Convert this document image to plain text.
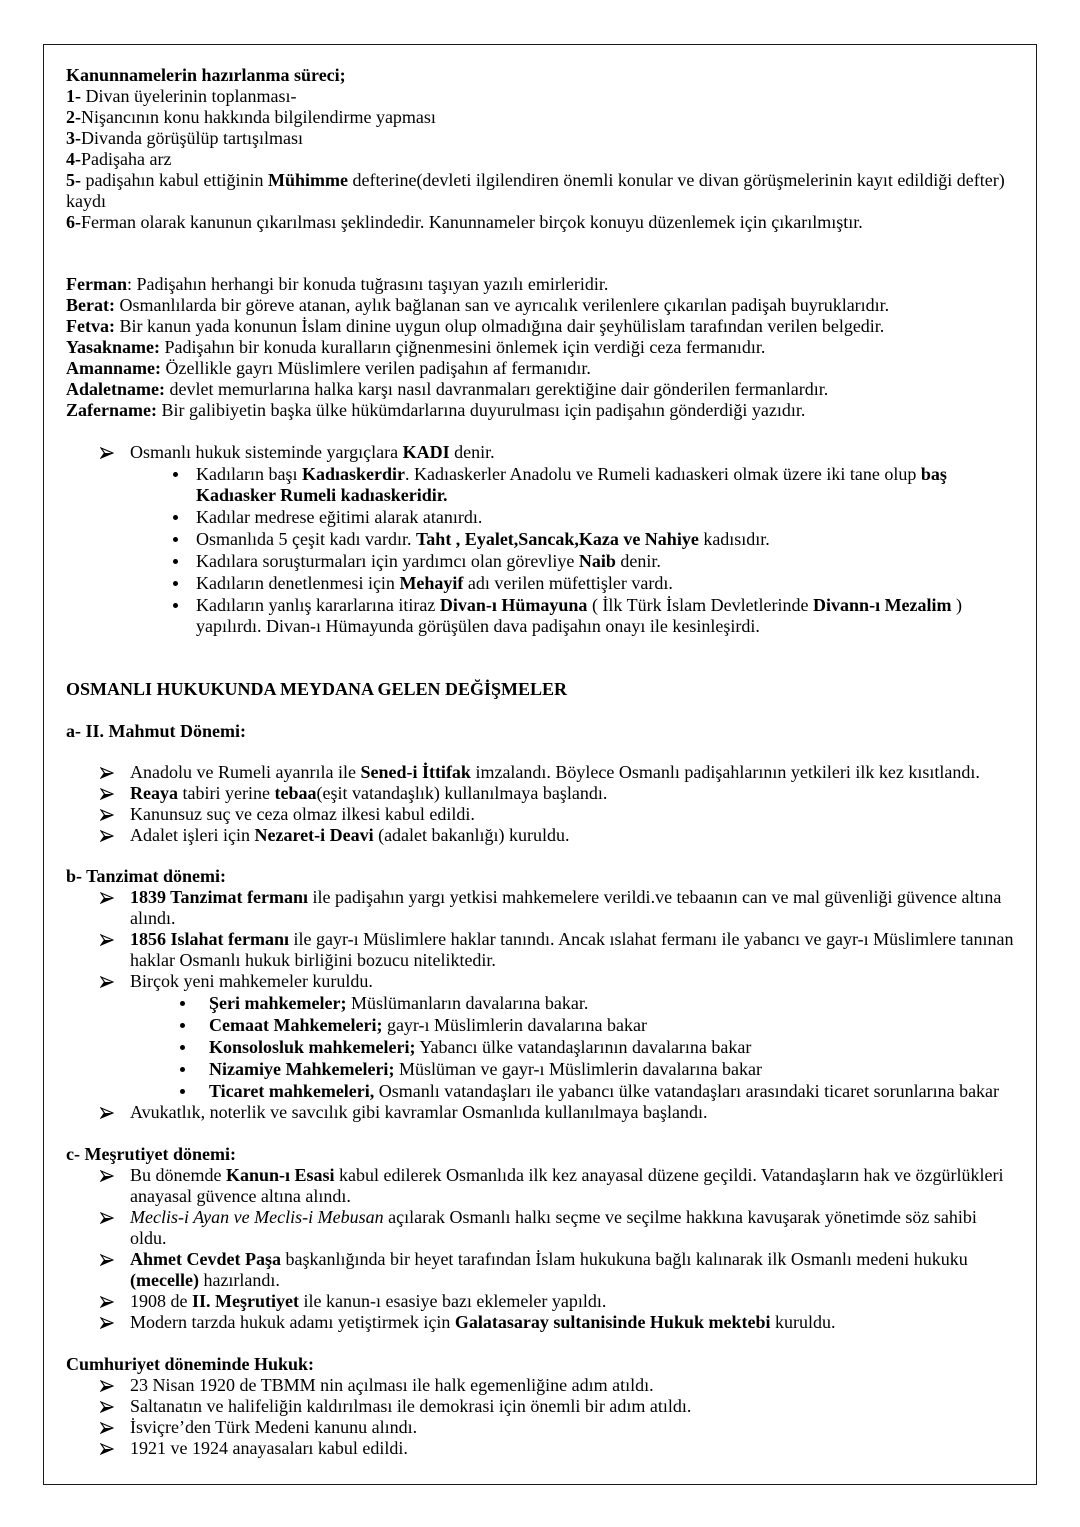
Kanunnamelerin hazırlanma süreci;
1- Divan üyelerinin toplanması-
2-Nişancının konu hakkında bilgilendirme yapması
3-Divanda görüşülüp tartışılması
4-Padişaha arz
5- padişahın kabul ettiğinin Mühimme defterine(devleti ilgilendiren önemli konular ve divan görüşmelerinin kayıt edildiği defter) kaydı
6-Ferman olarak kanunun çıkarılması şeklindedir. Kanunnameler birçok konuyu düzenlemek için çıkarılmıştır.
Ferman: Padişahın herhangi bir konuda tuğrasını taşıyan yazılı emirleridir.
Berat: Osmanlılarda bir göreve atanan, aylık bağlanan san ve ayrıcalık verilenlere çıkarılan padişah buyruklarıdır.
Fetva: Bir kanun yada konunun İslam dinine uygun olup olmadığına dair şeyhülislam tarafından verilen belgedir.
Yasakname: Padişahın bir konuda kuralların çiğnenmesini önlemek için verdiği ceza fermanıdır.
Amanname: Özellikle gayrı Müslimlere verilen padişahın af fermanıdır.
Adaletname: devlet memurlarına halka karşı nasıl davranmaları gerektiğine dair gönderilen fermanlardır.
Zafername: Bir galibiyetin başka ülke hükümdarlarına duyurulması için padişahın gönderdiği yazıdır.
Osmanlı hukuk sisteminde yargıçlara KADI denir.
Kadıların başı Kadıaskerdir. Kadıaskerler Anadolu ve Rumeli kadıaskeri olmak üzere iki tane olup baş Kadıasker Rumeli kadıaskeridir.
Kadılar medrese eğitimi alarak atanırdı.
Osmanlıda 5 çeşit kadı vardır. Taht , Eyalet,Sancak,Kaza ve Nahiye kadısıdır.
Kadılara soruşturmaları için yardımcı olan görevliye Naib denir.
Kadıların denetlenmesi için Mehayif adı verilen müfettişler vardı.
Kadıların yanlış kararlarına itiraz Divan-ı Hümayuna ( İlk Türk İslam Devletlerinde Divann-ı Mezalim ) yapılırdı. Divan-ı Hümayunda görüşülen dava padişahın onayı ile kesinleşirdi.
OSMANLI HUKUKUNDA MEYDANA GELEN DEĞİŞMELER
a- II. Mahmut Dönemi:
Anadolu ve Rumeli ayanrıla ile Sened-i İttifak imzalandı. Böylece Osmanlı padişahlarının yetkileri ilk kez kısıtlandı.
Reaya tabiri yerine tebaa(eşit vatandaşlık) kullanılmaya başlandı.
Kanunsuz suç ve ceza olmaz ilkesi kabul edildi.
Adalet işleri için Nezaret-i Deavi (adalet bakanlığı) kuruldu.
b- Tanzimat dönemi:
1839 Tanzimat fermanı ile padişahın yargı yetkisi mahkemelere verildi.ve tebaanın can ve mal güvenliği güvence altına alındı.
1856 Islahat fermanı ile gayr-ı Müslimlere haklar tanındı. Ancak ıslahat fermanı ile yabancı ve gayr-ı Müslimlere tanınan haklar Osmanlı hukuk birliğini bozucu niteliktedir.
Birçok yeni mahkemeler kuruldu.
Şeri mahkemeler; Müslümanların davalarına bakar.
Cemaat Mahkemeleri; gayr-ı Müslimlerin davalarına bakar
Konsolosluk mahkemeleri; Yabancı ülke vatandaşlarının davalarına bakar
Nizamiye Mahkemeleri; Müslüman ve gayr-ı Müslimlerin davalarına bakar
Ticaret mahkemeleri, Osmanlı vatandaşları ile yabancı ülke vatandaşları arasındaki ticaret sorunlarına bakar
Avukatlık, noterlik ve savcılık gibi kavramlar Osmanlıda kullanılmaya başlandı.
c- Meşrutiyet dönemi:
Bu dönemde Kanun-ı Esasi kabul edilerek Osmanlıda ilk kez anayasal düzene geçildi. Vatandaşların hak ve özgürlükleri anayasal güvence altına alındı.
Meclis-i Ayan ve Meclis-i Mebusan açılarak Osmanlı halkı seçme ve seçilme hakkına kavuşarak yönetimde söz sahibi oldu.
Ahmet Cevdet Paşa başkanlığında bir heyet tarafından İslam hukukuna bağlı kalınarak ilk Osmanlı medeni hukuku (mecelle) hazırlandı.
1908 de II. Meşrutiyet ile kanun-ı esasiye bazı eklemeler yapıldı.
Modern tarzda hukuk adamı yetiştirmek için Galatasaray sultanisinde Hukuk mektebi kuruldu.
Cumhuriyet döneminde Hukuk:
23 Nisan 1920 de TBMM nin açılması ile halk egemenliğine adım atıldı.
Saltanatın ve halifeliğin kaldırılması ile demokrasi için önemli bir adım atıldı.
İsviçre’den Türk Medeni kanunu alındı.
1921 ve 1924 anayasaları kabul edildi.
